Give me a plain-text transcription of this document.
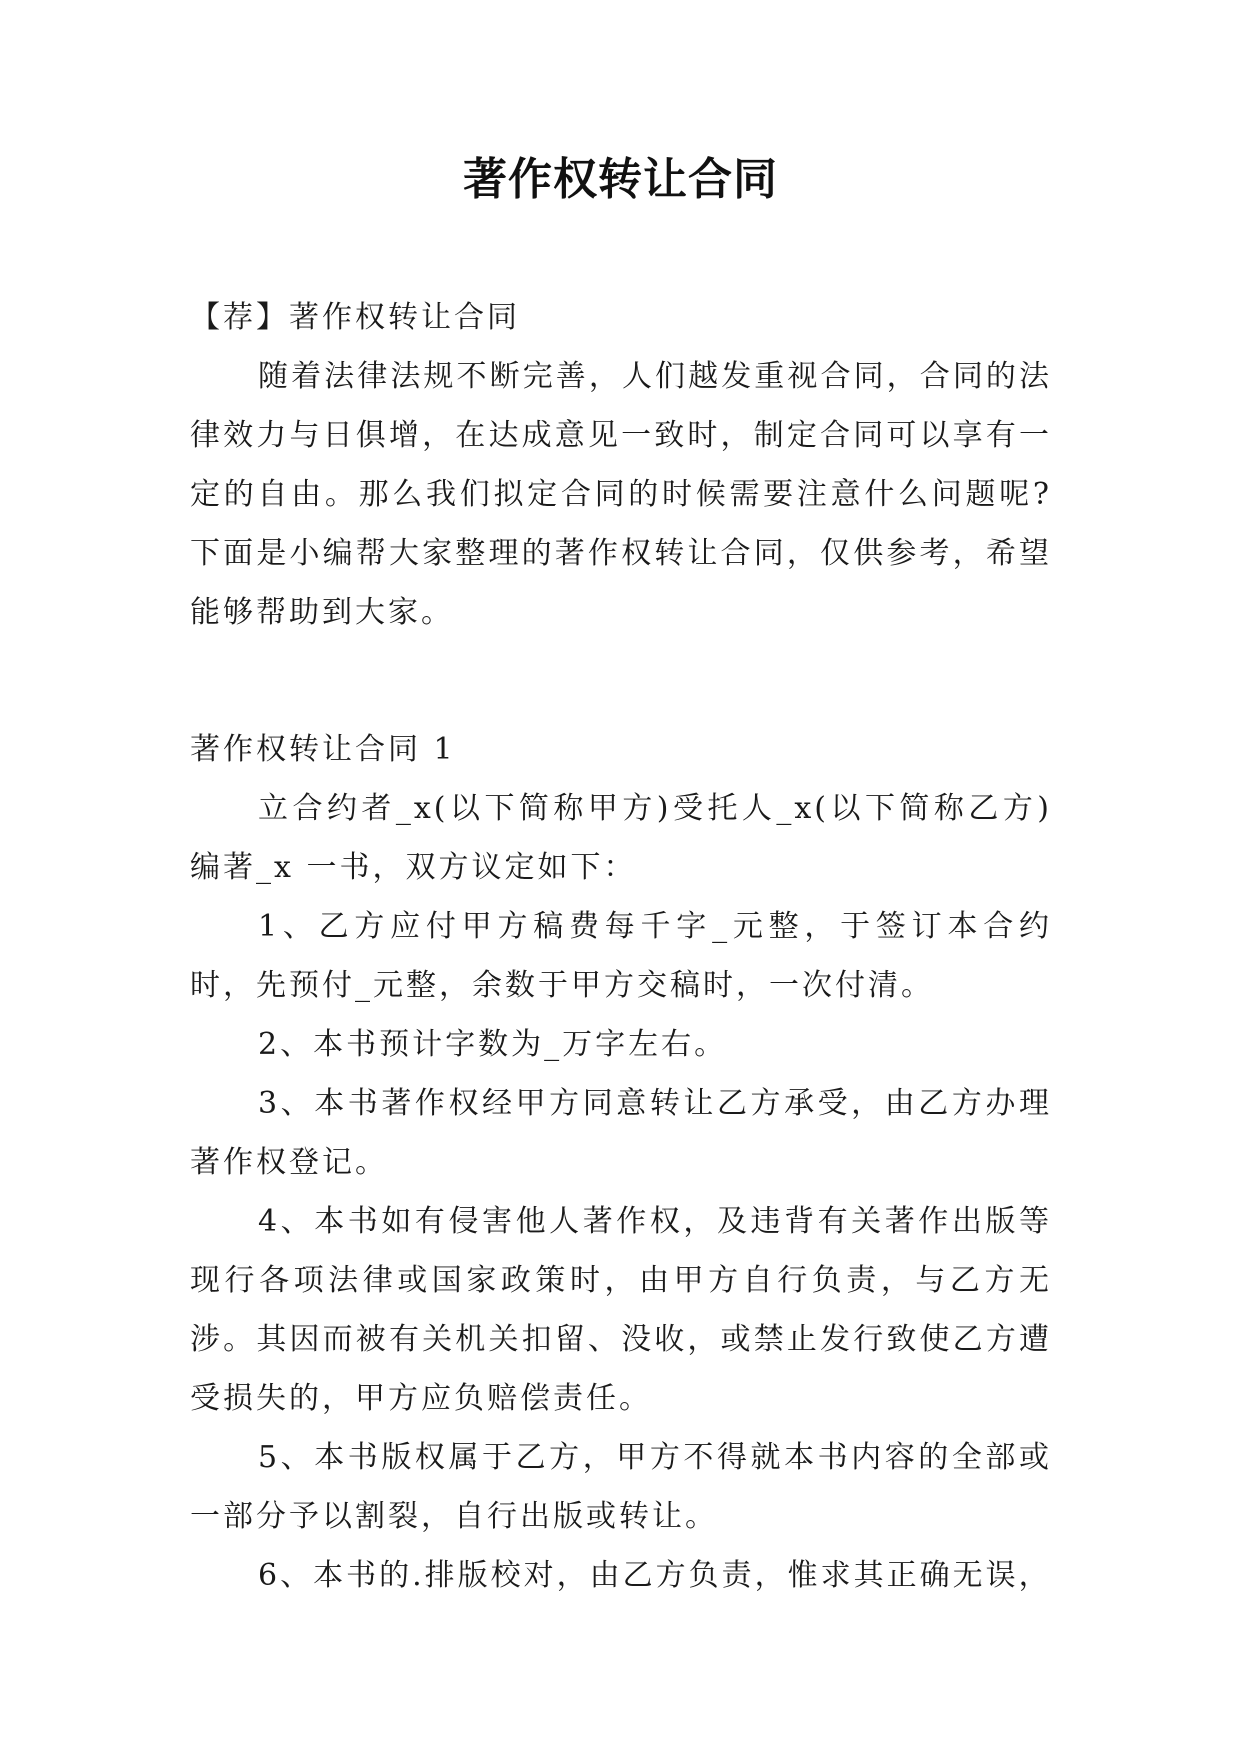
著作权转让合同

【荐】著作权转让合同

随着法律法规不断完善，人们越发重视合同，合同的法律效力与日俱增，在达成意见一致时，制定合同可以享有一定的自由。那么我们拟定合同的时候需要注意什么问题呢?下面是小编帮大家整理的著作权转让合同，仅供参考，希望能够帮助到大家。

著作权转让合同 1

立合约者_x(以下简称甲方)受托人_x(以下简称乙方)编著_x 一书，双方议定如下：

1、乙方应付甲方稿费每千字_元整，于签订本合约时，先预付_元整，余数于甲方交稿时，一次付清。

2、本书预计字数为_万字左右。

3、本书著作权经甲方同意转让乙方承受，由乙方办理著作权登记。

4、本书如有侵害他人著作权，及违背有关著作出版等现行各项法律或国家政策时，由甲方自行负责，与乙方无涉。其因而被有关机关扣留、没收，或禁止发行致使乙方遭受损失的，甲方应负赔偿责任。

5、本书版权属于乙方，甲方不得就本书内容的全部或一部分予以割裂，自行出版或转让。

6、本书的.排版校对，由乙方负责，惟求其正确无误，
